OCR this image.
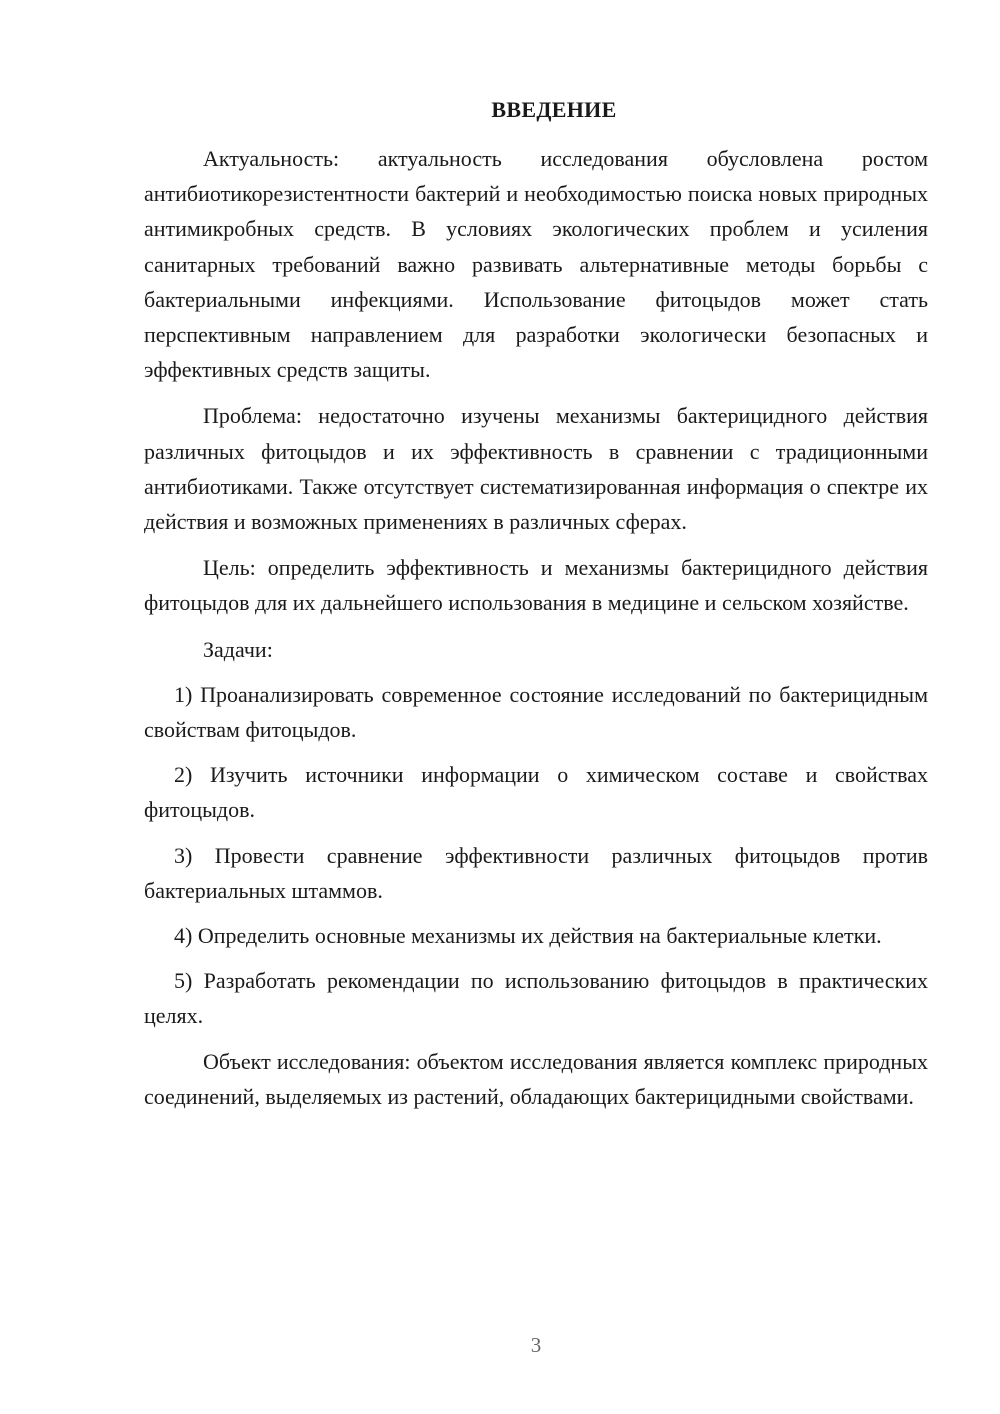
ВВЕДЕНИЕ

Актуальность: актуальность исследования обусловлена ростом антибиотикорезистентности бактерий и необходимостью поиска новых природных антимикробных средств. В условиях экологических проблем и усиления санитарных требований важно развивать альтернативные методы борьбы с бактериальными инфекциями. Использование фитоцыдов может стать перспективным направлением для разработки экологически безопасных и эффективных средств защиты.

Проблема: недостаточно изучены механизмы бактерицидного действия различных фитоцыдов и их эффективность в сравнении с традиционными антибиотиками. Также отсутствует систематизированная информация о спектре их действия и возможных применениях в различных сферах.

Цель: определить эффективность и механизмы бактерицидного действия фитоцыдов для их дальнейшего использования в медицине и сельском хозяйстве.

Задачи:

1) Проанализировать современное состояние исследований по бактерицидным свойствам фитоцыдов.

2) Изучить источники информации о химическом составе и свойствах фитоцыдов.

3) Провести сравнение эффективности различных фитоцыдов против бактериальных штаммов.

4) Определить основные механизмы их действия на бактериальные клетки.

5) Разработать рекомендации по использованию фитоцыдов в практических целях.

Объект исследования: объектом исследования является комплекс природных соединений, выделяемых из растений, обладающих бактерицидными свойствами.

3
